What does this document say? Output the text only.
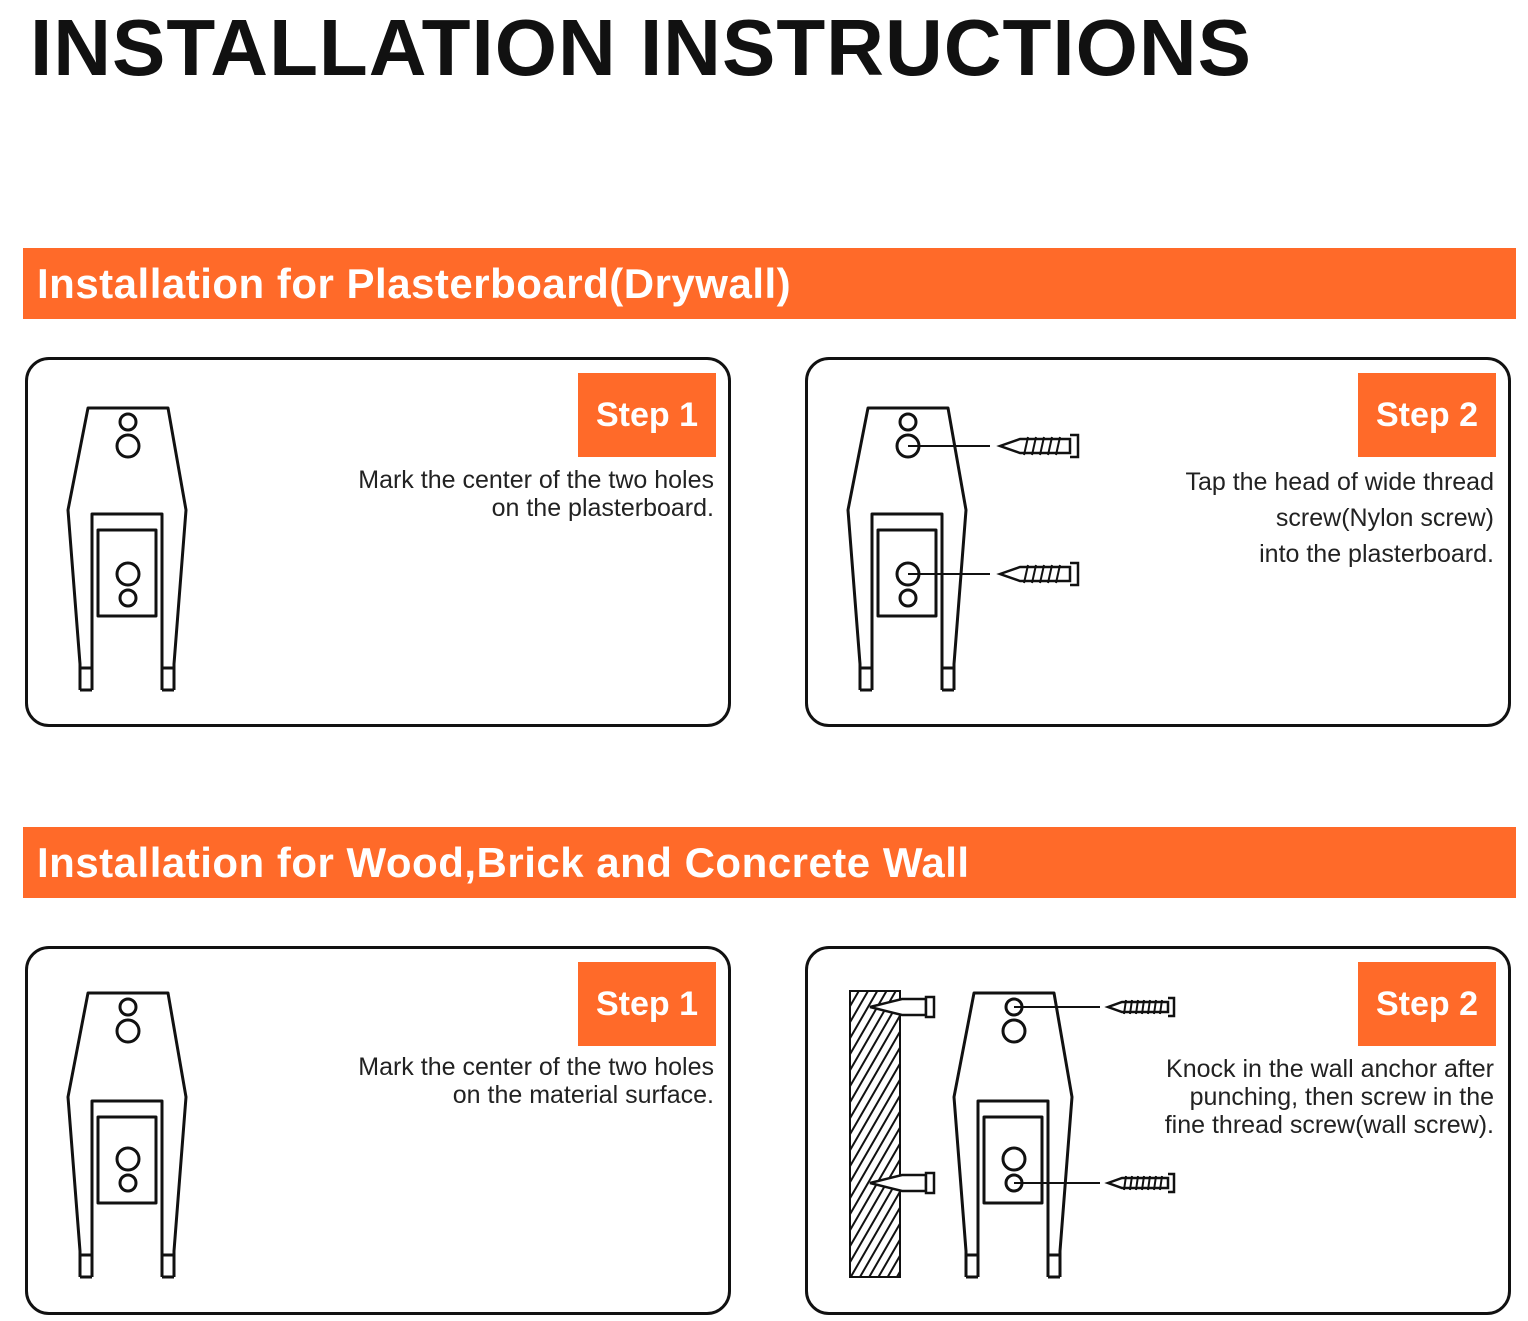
INSTALLATION INSTRUCTIONS
Installation for Plasterboard(Drywall)
Step 1
Mark the center of the two holes
on the plasterboard.
Step 2
Tap the head of wide thread
screw(Nylon screw)
into the plasterboard.
Installation for Wood,Brick and Concrete Wall
Step 1
Mark the center of the two holes
on the material surface.
Step 2
Knock in the wall anchor after
punching, then screw in the
fine thread screw(wall screw).
